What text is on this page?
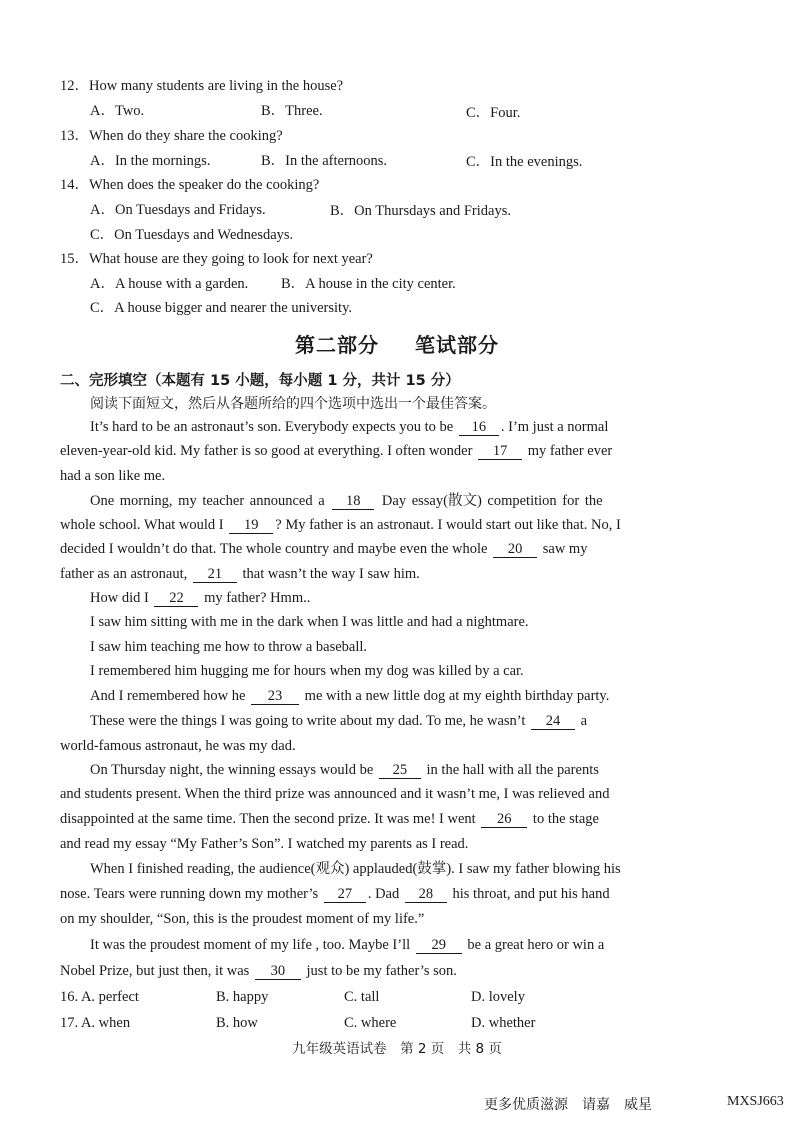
12．How many students are living in the house?
A．Two.	B．Three.	C．Four.
13．When do they share the cooking?
A．In the mornings.	B．In the afternoons.	C．In the evenings.
14．When does the speaker do the cooking?
A．On Tuesdays and Fridays.	B．On Thursdays and Fridays.
C．On Tuesdays and Wednesdays.
15．What house are they going to look for next year?
A．A house with a garden. B．A house in the city center.
C．A house bigger and nearer the university.
第二部分 笔试部分
二、完形填空（本题有 15 小题，每小题 1 分，共计 15 分）
阅读下面短文，然后从各题所给的四个选项中选出一个最佳答案。
It’s hard to be an astronaut’s son. Everybody expects you to be 16 . I’m just a normal
eleven-year-old kid. My father is so good at everything. I often wonder 17 my father ever
had a son like me.
One morning, my teacher announced a 18 Day essay(散文) competition for the
whole school. What would I 19 ? My father is an astronaut. I would start out like that. No, I
decided I wouldn’t do that. The whole country and maybe even the whole 20 saw my
father as an astronaut, 21 that wasn’t the way I saw him.
How did I 22 my father? Hmm..
I saw him sitting with me in the dark when I was little and had a nightmare.
I saw him teaching me how to throw a baseball.
I remembered him hugging me for hours when my dog was killed by a car.
And I remembered how he 23 me with a new little dog at my eighth birthday party.
These were the things I was going to write about my dad. To me, he wasn’t 24 a
world-famous astronaut, he was my dad.
On Thursday night, the winning essays would be 25 in the hall with all the parents
and students present. When the third prize was announced and it wasn’t me, I was relieved and
disappointed at the same time. Then the second prize. It was me! I went 26 to the stage
and read my essay “My Father’s Son”. I watched my parents as I read.
When I finished reading, the audience(观众) applauded(鼓掌). I saw my father blowing his
nose. Tears were running down my mother’s 27 . Dad 28 his throat, and put his hand
on my shoulder, “Son, this is the proudest moment of my life.”
It was the proudest moment of my life , too. Maybe I’ll 29 be a great hero or win a
Nobel Prize, but just then, it was 30 just to be my father’s son.
16. A. perfect	B. happy	C. tall	D. lovely
17. A. when	B. how	C. where	D. whether
九年级英语试卷　第 2 页　共 8 页
更多优质滋源　请嘉　威星	MXSJ663
